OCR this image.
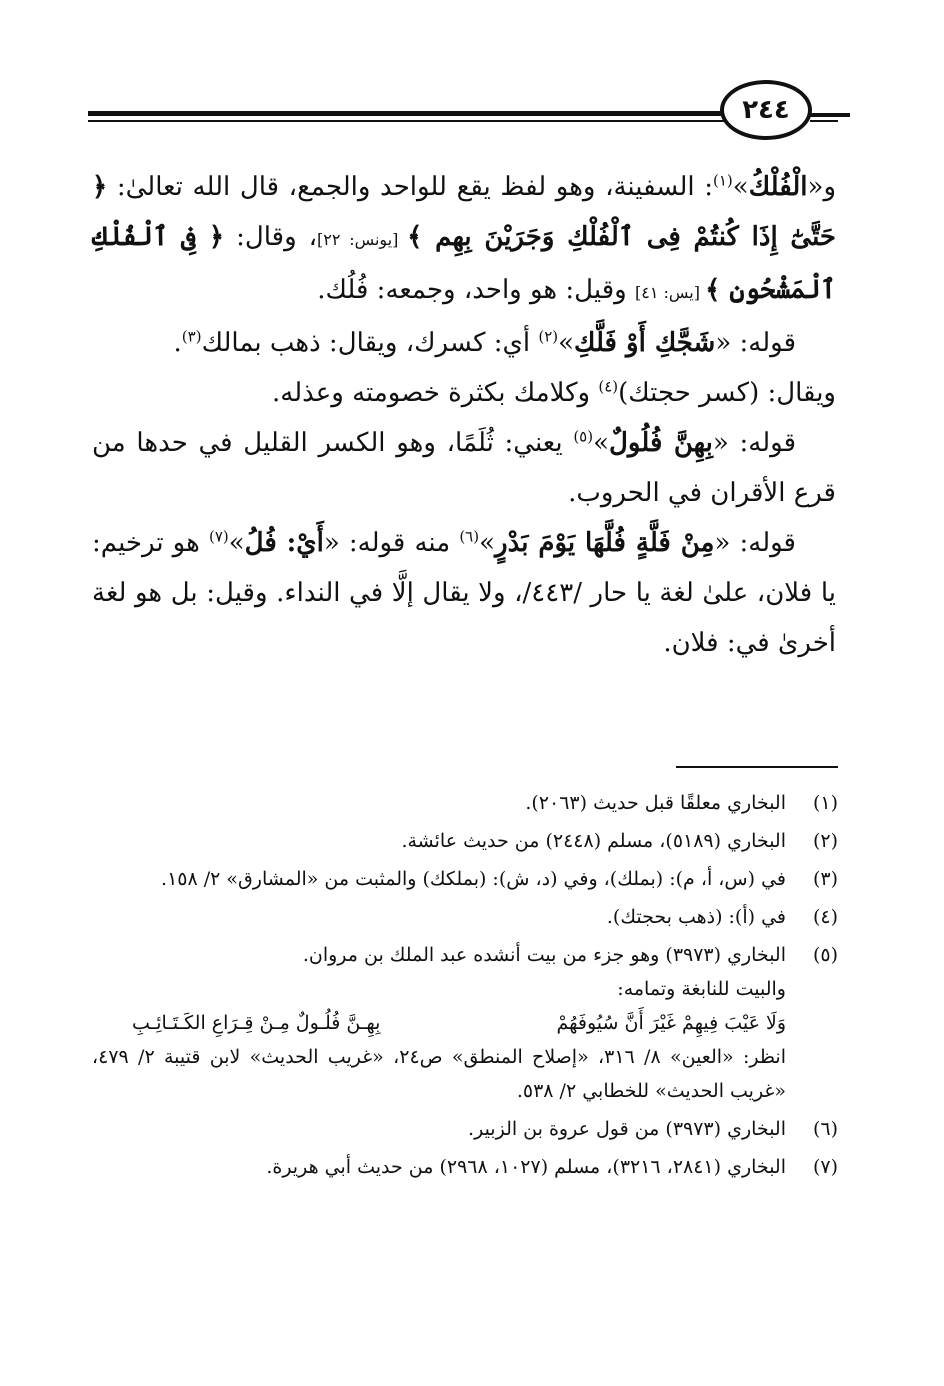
٢٤٤

و«الْفُلْكُ»$^{(١)}$: السفينة، وهو لفظ يقع للواحد والجمع، قال الله تعالىٰ: ﴿ حَتَّىٰٓ إِذَا كُنتُمْ فِى ٱلْفُلْكِ وَجَرَيْنَ بِهِم ﴾ [يونس: ٢٢]، وقال: ﴿ فِى ٱلْفُلْكِ ٱلْمَشْحُونِ ﴾ [يس: ٤١] وقيل: هو واحد، وجمعه: فُلُك.

قوله: «شَجَّكِ أَوْ فَلَّكِ»$^{(٢)}$ أي: كسرك، ويقال: ذهب بمالك$^{(٣)}$.
ويقال: (كسر حجتك)$^{(٤)}$ وكلامك بكثرة خصومته وعذله.

قوله: «بِهِنَّ فُلُولٌ»$^{(٥)}$ يعني: ثُلَمًا، وهو الكسر القليل في حدها من قرع الأقران في الحروب.

قوله: «مِنْ فَلَّةٍ فُلَّهَا يَوْمَ بَدْرٍ»$^{(٦)}$ منه قوله: «أَيْ: فُلُ»$^{(٧)}$ هو ترخيم: يا فلان، علىٰ لغة يا حار /٤٤٣/، ولا يقال إلَّا في النداء. وقيل: بل هو لغة أخرىٰ في: فلان.

(١)

البخاري معلقًا قبل حديث (٢٠٦٣).

(٢)

البخاري (٥١٨٩)، مسلم (٢٤٤٨) من حديث عائشة.

(٣)

في (س، أ، م): (بملك)، وفي (د، ش): (بملكك) والمثبت من «المشارق» ٢/ ١٥٨.

(٤)

في (أ): (ذهب بحجتك).

(٥)

البخاري (٣٩٧٣) وهو جزء من بيت أنشده عبد الملك بن مروان.

والبيت للنابغة وتمامه:

وَلَا عَيْبَ فِيهِمْ غَيْرَ أَنَّ سُيُوفَهُمْ
بِهِـنَّ فُلُـولٌ مِـنْ قِـرَاعِ الكَـتَـائِـبِ

انظر: «العين» ٨/ ٣١٦، «إصلاح المنطق» ص٢٤، «غريب الحديث» لابن قتيبة ٢/ ٤٧٩، «غريب الحديث» للخطابي ٢/ ٥٣٨.

(٦)

البخاري (٣٩٧٣) من قول عروة بن الزبير.

(٧)

البخاري (٢٨٤١، ٣٢١٦)، مسلم (١٠٢٧، ٢٩٦٨) من حديث أبي هريرة.
